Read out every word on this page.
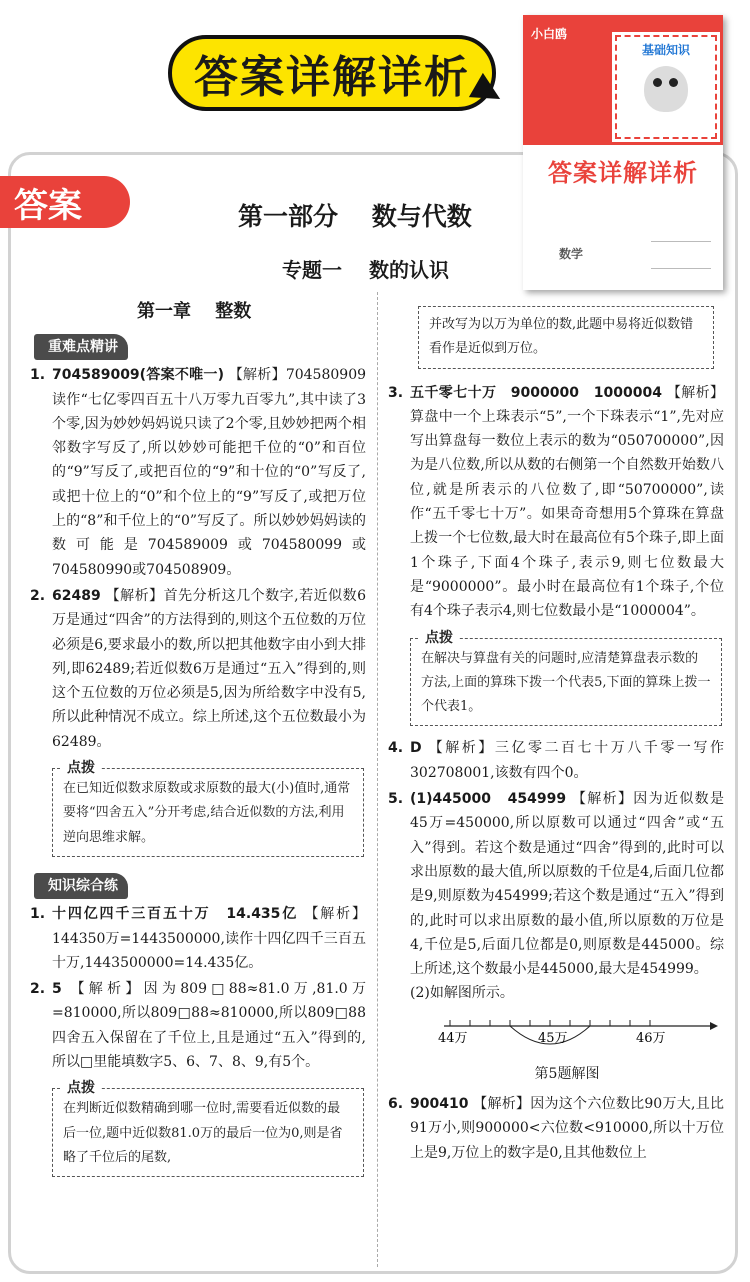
答案详解详析
小白鸥
基础知识
答案详解详析
数学
答案	第一部分　 数与代数
专题一　 数的认识
第一章　 整数
重难点精讲
1. 704589009(答案不唯一) 【解析】704580909读作“七亿零四百五十八万零九百零九”,其中读了3个零,因为妙妙妈妈说只读了2个零,且妙妙把两个相邻数字写反了,所以妙妙可能把千位的“0”和百位的“9”写反了,或把百位的“9”和十位的“0”写反了,或把十位上的“0”和个位上的“9”写反了,或把万位上的“8”和千位上的“0”写反了。所以妙妙妈妈读的数可能是704589009或704580099或704580990或704508909。
2. 62489 【解析】首先分析这几个数字,若近似数6万是通过“四舍”的方法得到的,则这个五位数的万位必须是6,要求最小的数,所以把其他数字由小到大排列,即62489;若近似数6万是通过“五入”得到的,则这个五位数的万位必须是5,因为所给数字中没有5,所以此种情况不成立。综上所述,这个五位数最小为62489。
点拨
在已知近似数求原数或求原数的最大(小)值时,通常要将“四舍五入”分开考虑,结合近似数的方法,利用逆向思维求解。
知识综合练
1. 十四亿四千三百五十万　14.435亿 【解析】144350万=1443500000,读作十四亿四千三百五十万,1443500000=14.435亿。
2. 5 【解析】因为809□88≈81.0万,81.0万=810000,所以809□88≈810000,所以809□88四舍五入保留在了千位上,且是通过“五入”得到的,所以□里能填数字5、6、7、8、9,有5个。
点拨
在判断近似数精确到哪一位时,需要看近似数的最后一位,题中近似数81.0万的最后一位为0,则是省略了千位后的尾数,
并改写为以万为单位的数,此题中易将近似数错看作是近似到万位。
3. 五千零七十万　9000000　1000004 【解析】算盘中一个上珠表示“5”,一个下珠表示“1”,先对应写出算盘每一数位上表示的数为“050700000”,因为是八位数,所以从数的右侧第一个自然数开始数八位,就是所表示的八位数了,即“50700000”,读作“五千零七十万”。如果奇奇想用5个算珠在算盘上拨一个七位数,最大时在最高位有5个珠子,即上面1个珠子,下面4个珠子,表示9,则七位数最大是“9000000”。最小时在最高位有1个珠子,个位有4个珠子表示4,则七位数最小是“1000004”。
点拨
在解决与算盘有关的问题时,应清楚算盘表示数的方法,上面的算珠下拨一个代表5,下面的算珠上拨一个代表1。
4. D 【解析】三亿零二百七十万八千零一写作302708001,该数有四个0。
5. (1)445000　454999 【解析】因为近似数是45万=450000,所以原数可以通过“四舍”或“五入”得到。若这个数是通过“四舍”得到的,此时可以求出原数的最大值,所以原数的千位是4,后面几位都是9,则原数为454999;若这个数是通过“五入”得到的,此时可以求出原数的最小值,所以原数的万位是4,千位是5,后面几位都是0,则原数是445000。综上所述,这个数最小是445000,最大是454999。
(2)如解图所示。
44万	45万	46万
第5题解图
6. 900410 【解析】因为这个六位数比90万大,且比91万小,则900000<六位数<910000,所以十万位上是9,万位上的数字是0,且其他数位上
